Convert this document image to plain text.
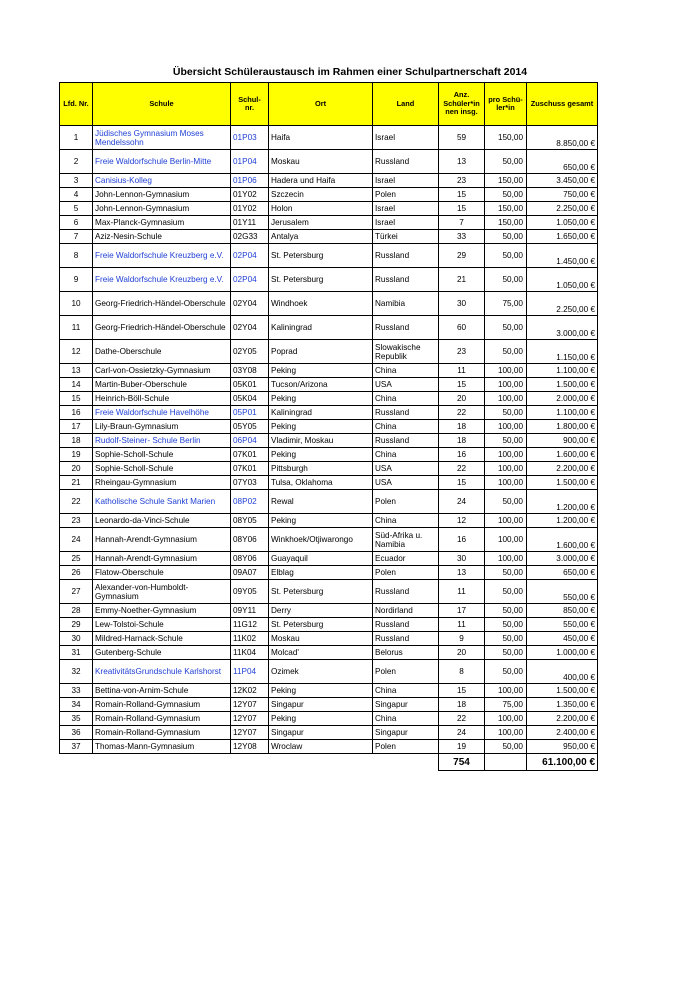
Übersicht Schüleraustausch im Rahmen einer Schulpartnerschaft 2014
Lfd. Nr.	Schule	Schul- nr.	Ort	Land	Anz. Schüler*in nen insg.	pro Schü- ler*in	Zuschuss gesamt
1	Jüdisches Gymnasium Moses Mendelssohn	01P03	Haifa	Israel	59	150,00	8.850,00 €
2	Freie Waldorfschule Berlin-Mitte	01P04	Moskau	Russland	13	50,00	650,00 €
3	Canisius-Kolleg	01P06	Hadera und Haifa	Israel	23	150,00	3.450,00 €
4	John-Lennon-Gymnasium	01Y02	Szczecin	Polen	15	50,00	750,00 €
5	John-Lennon-Gymnasium	01Y02	Holon	Israel	15	150,00	2.250,00 €
6	Max-Planck-Gymnasium	01Y11	Jerusalem	Israel	7	150,00	1.050,00 €
7	Aziz-Nesin-Schule	02G33	Antalya	Türkei	33	50,00	1.650,00 €
8	Freie Waldorfschule Kreuzberg e.V.	02P04	St. Petersburg	Russland	29	50,00	1.450,00 €
9	Freie Waldorfschule Kreuzberg e.V.	02P04	St. Petersburg	Russland	21	50,00	1.050,00 €
10	Georg-Friedrich-Händel-Oberschule	02Y04	Windhoek	Namibia	30	75,00	2.250,00 €
11	Georg-Friedrich-Händel-Oberschule	02Y04	Kaliningrad	Russland	60	50,00	3.000,00 €
12	Dathe-Oberschule	02Y05	Poprad	Slowakische Republik	23	50,00	1.150,00 €
13	Carl-von-Ossietzky-Gymnasium	03Y08	Peking	China	11	100,00	1.100,00 €
14	Martin-Buber-Oberschule	05K01	Tucson/Arizona	USA	15	100,00	1.500,00 €
15	Heinrich-Böll-Schule	05K04	Peking	China	20	100,00	2.000,00 €
16	Freie Waldorfschule Havelhöhe	05P01	Kaliningrad	Russland	22	50,00	1.100,00 €
17	Lily-Braun-Gymnasium	05Y05	Peking	China	18	100,00	1.800,00 €
18	Rudolf-Steiner- Schule Berlin	06P04	Vladimir, Moskau	Russland	18	50,00	900,00 €
19	Sophie-Scholl-Schule	07K01	Peking	China	16	100,00	1.600,00 €
20	Sophie-Scholl-Schule	07K01	Pittsburgh	USA	22	100,00	2.200,00 €
21	Rheingau-Gymnasium	07Y03	Tulsa, Oklahoma	USA	15	100,00	1.500,00 €
22	Katholische Schule Sankt Marien	08P02	Rewal	Polen	24	50,00	1.200,00 €
23	Leonardo-da-Vinci-Schule	08Y05	Peking	China	12	100,00	1.200,00 €
24	Hannah-Arendt-Gymnasium	08Y06	Winkhoek/Otjiwarongo	Süd-Afrika u. Namibia	16	100,00	1.600,00 €
25	Hannah-Arendt-Gymnasium	08Y06	Guayaquil	Ecuador	30	100,00	3.000,00 €
26	Flatow-Oberschule	09A07	Elblag	Polen	13	50,00	650,00 €
27	Alexander-von-Humboldt-Gymnasium	09Y05	St. Petersburg	Russland	11	50,00	550,00 €
28	Emmy-Noether-Gymnasium	09Y11	Derry	Nordirland	17	50,00	850,00 €
29	Lew-Tolstoi-Schule	11G12	St. Petersburg	Russland	11	50,00	550,00 €
30	Mildred-Harnack-Schule	11K02	Moskau	Russland	9	50,00	450,00 €
31	Gutenberg-Schule	11K04	Molcad'	Belorus	20	50,00	1.000,00 €
32	KreativitätsGrundschule Karlshorst	11P04	Ozimek	Polen	8	50,00	400,00 €
33	Bettina-von-Arnim-Schule	12K02	Peking	China	15	100,00	1.500,00 €
34	Romain-Rolland-Gymnasium	12Y07	Singapur	Singapur	18	75,00	1.350,00 €
35	Romain-Rolland-Gymnasium	12Y07	Peking	China	22	100,00	2.200,00 €
36	Romain-Rolland-Gymnasium	12Y07	Singapur	Singapur	24	100,00	2.400,00 €
37	Thomas-Mann-Gymnasium	12Y08	Wroclaw	Polen	19	50,00	950,00 €
					754		61.100,00 €
